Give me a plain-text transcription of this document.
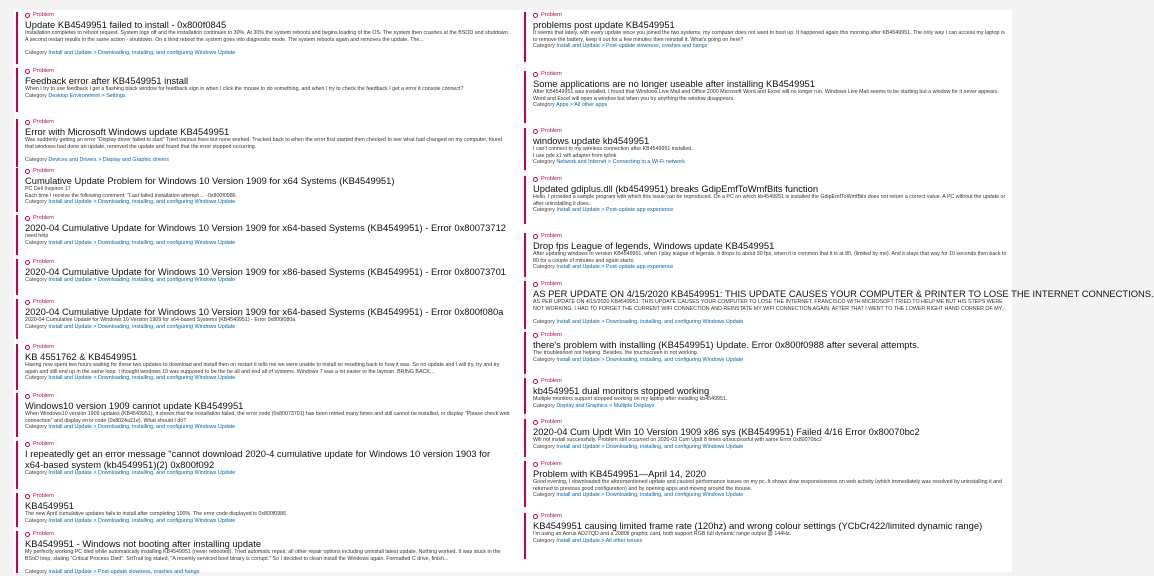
Problem
Update KB4549951 failed to install - 0x800f0845
Installation completes to reboot request. System logs off and the installation continues to 30%. At 30% the system reboots and begins loading of the OS. The system then crashes at the BSOD and shutdown. A second restart results in the same action - shutdown. On a third reboot the system goes into diagnostic mode. The system reboots again and removes the update. The...
Category Install and Update > Downloading, installing, and configuring Windows Update
Problem
Feedback error after KB4549951 install
When I try to use feedback I get a flashing black window for feedback sign in when I click the mouse to do something, and when I try to check the feedback I get a error it console connect?
Category Desktop Environment > Settings
Problem
Error with Microsoft Windows update KB4549951
Was suddenly getting an error "Display driver failed to start" Tried various fixes but none worked. Tracked back to when the error first started then checked to see what had changed on my computer, found that windows had done an update, removed the update and found that the error stopped occurring.
Category Devices and Drivers > Display and Graphic drivers
Problem
Cumulative Update Problem for Windows 10 Version 1909 for x64 Systems (KB4549951)
PC Dell Inspiron 17
Each time I receive the following comment: "Last failed installation attempt ... -0x800f0986.
Category Install and Update > Downloading, installing, and configuring Windows Update
Problem
2020-04 Cumulative Update for Windows 10 Version 1909 for x64-based Systems (KB4549951) - Error 0x80073712
need help
Category Install and Update > Downloading, installing, and configuring Windows Update
Problem
2020-04 Cumulative Update for Windows 10 Version 1909 for x86-based Systems (KB4549951) - Error 0x80073701
Category Install and Update > Downloading, installing, and configuring Windows Update
Problem
2020-04 Cumulative Update for Windows 10 Version 1909 for x64-based Systems (KB4549951) - Error 0x800f080a
2020-04 Cumulative Update for Windows 10 Version 1909 for x64-based Systems (KB4549951) - Error 0x800f080a
Category Install and Update > Downloading, installing, and configuring Windows Update
Problem
KB 4551762 & KB4549951
Having now spent two hours waiting for these two updates to download and install then on restart it tells me we were unable to install so resetting back to how it was. So no update and I will try, try and try again and still end up in the same loop. I thought windows 10 was supposed to be the be all and end all of systems. Windows 7 was a lot easier to the layman. BRING BACK...
Category Install and Update > Downloading, installing, and configuring Windows Update
Problem
Windows10 version 1909 cannot update KB4549951
When Windows10 version 1909 updates (KB4549951), it shows that the installation failed, the error code (0x80073701) has been retried many times and still cannot be installed, or display "Please check web connection" and display error code (0x8024a21e). What should I do?
Category Install and Update > Downloading, installing, and configuring Windows Update
Problem
I repeatedly get an error message "cannot download 2020-4 cumulative update for Windows 10 version 1903 for x64-based system (kb4549951)(2) 0x800f092
Category Install and Update > Downloading, installing, and configuring Windows Update
Problem
KB4549951
The new April cumulative updates fails to install after completing 100%. The error code displayed is 0x800f0986
Category Install and Update > Downloading, installing, and configuring Windows Update
Problem
KB4549951 - Windows not booting after installing update
My perfectly working PC died while automatically installing KB4549951 (never rebooted). Tried automatic repair, all other repair options including uninstall latest update. Nothing worked. It was stuck in the BSoD loop, stating "Critical Process Died". SrtTrail log stated, "A recently serviced boot binary is corrupt." So I decided to clean install the Windows again. Formatted C drive, finish...
Category Install and Update > Post-update slowness, crashes and hangs
Problem
problems post update KB4549951
It seems that lately, with every update since you joined the two systems, my computer does not want to boot up. It happened again this morning after KB4549951. The only way I can access my laptop is to remove the battery, keep it out for a few minutes then reinstall it. What's going on here?
Category Install and Update > Post-update slowness, crashes and hangs
Problem
Some applications are no longer useable after installing KB4549951
After KB4549951 was installed, I found that Windows Live Mail and Office 2000 Microsoft Word and Excel will no longer run. Windows Live Mail seems to be starting but a window for it never appears. Word and Excel will open a window but when you try anything the window disappears.
Category Apps > All other apps
Problem
windows update kb4549951
I can't connect to my wireless connection after KB4549951 installed.
I use pde x1 wifi adapter from tplink
Category Network and Internet > Connecting to a Wi-Fi network
Problem
Updated gdiplus.dll (kb4549951) breaks GdipEmfToWmfBits function
Hello, I provided a sample program with which this issue can be reproduced. On a PC on which kb4549951 is installed the GdipEmfToWmfBits does not return a correct value. A PC without the update or after uninstalling it does.
Category Install and Update > Post-update app experience
Problem
Drop fps League of legends, Windows update KB4549951
After updating windows to version KB4549951, when I play league of legends. it drops to about 30 fps, when it is common that it is at 80, (limited by me). And it stays that way for 10 seconds then back to 80 for a couple of minutes and again starts.
Category Install and Update > Post-update app experience
Problem
AS PER UPDATE ON 4/15/2020 KB4549951: THIS UPDATE CAUSES YOUR COMPUTER & PRINTER TO LOSE THE INTERNET CONNECTIONS.
AS PER UPDATE ON 4/15/2020 KB4549951: THIS UPDATE CAUSES YOUR COMPUTER TO LOSE THE INTERNET. FRANCISCO WITH MICROSOFT TRIED TO HELP ME BUT HIS STEPS WERE NOT WORKING. I HAD TO FORGET THE CURRENT WIFI CONNECTION AND REINSTATE MY WIFI CONNECTION AGAIN. AFTER THAT I WENT TO THE LOWER RIGHT HAND CORNER OF MY...
Category Install and Update > Downloading, installing, and configuring Windows Update
Problem
there's problem with installing (KB4549951) Update. Error 0x800f0988 after several attempts.
The troubleshoot not helping. Besides, the touchscreen in not working.
Category Install and Update > Downloading, installing, and configuring Windows Update
Problem
kb4549951 dual monitors stopped working
Multiple monitors support stopped working on my laptop after installing kb4549951.
Category Display and Graphics > Multiple Displays
Problem
2020-04 Cum Updt Win 10 Version 1909 x86 sys (KB4549951) Failed 4/16 Error 0x80070bc2
Will not install successfully. Problem still occurred on 2020-03 Cum Updt 8 times unsuccessful with same Error 0x80070bc2
Category Install and Update > Downloading, installing, and configuring Windows Update
Problem
Problem with KB4549951—April 14, 2020
Good evening, I downloaded the aforementioned update and caused performance issues on my pc. It shows slow responsiveness on web activity (which immediately was resolved by uninstalling it and returned to previous good configuration) and by opening apps and moving around the mouse.
Category Install and Update > Downloading, installing, and configuring Windows Update
Problem
KB4549951 causing limited frame rate (120hz) and wrong colour settings (YCbCr422/limited dynamic range)
I'm using an Aorus AD27QD and a 2080ti graphic card, both support RGB full dynamic range output @ 144Hz.
Category Install and Update > All other issues
